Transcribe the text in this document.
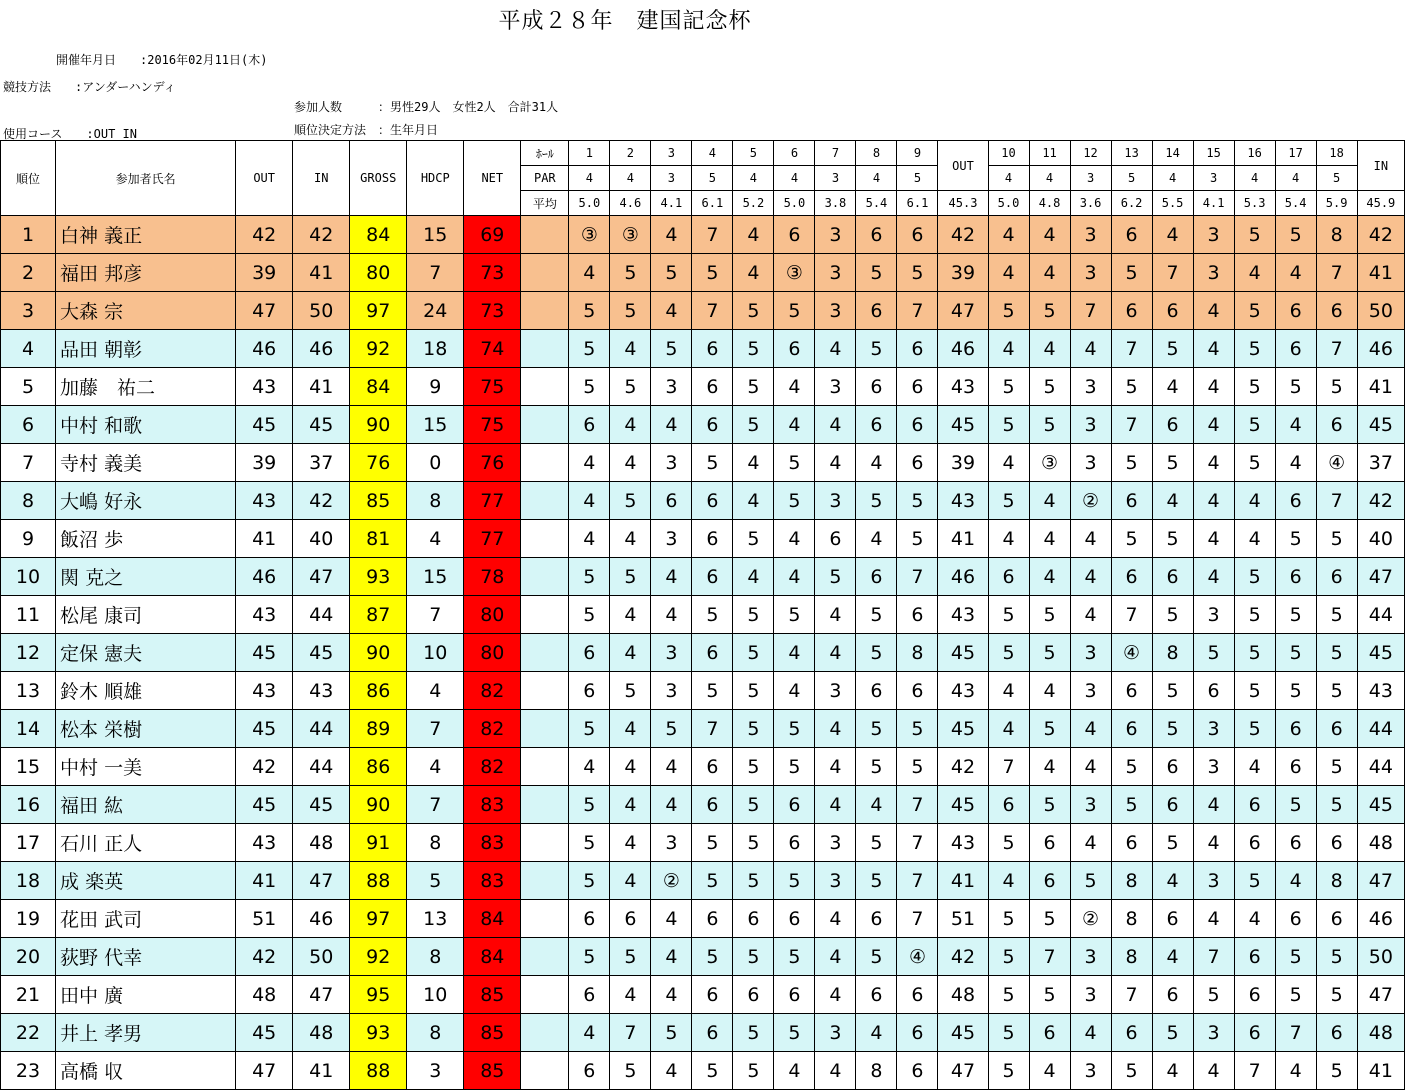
平成２８年　建国記念杯
開催年月日　　:2016年02月11日(木)
競技方法　　:アンダーハンディ
参加人数　　　：男性29人　女性2人　合計31人
使用コース　　:OUT IN	順位決定方法　：生年月日
順位	参加者氏名	OUT	IN	GROSS	HDCP	NET	ﾎｰﾙ	1	2	3	4	5	6	7	8	9	OUT	10	11	12	13	14	15	16	17	18	IN
							PAR	4	4	3	5	4	4	3	4	5		4	4	3	5	4	3	4	4	5	
							平均	5.0	4.6	4.1	6.1	5.2	5.0	3.8	5.4	6.1	45.3	5.0	4.8	3.6	6.2	5.5	4.1	5.3	5.4	5.9	45.9
1	白神 義正	42	42	84	15	69		③	③	4	7	4	6	3	6	6	42	4	4	3	6	4	3	5	5	8	42
2	福田 邦彦	39	41	80	7	73		4	5	5	5	4	③	3	5	5	39	4	4	3	5	7	3	4	4	7	41
3	大森 宗	47	50	97	24	73		5	5	4	7	5	5	3	6	7	47	5	5	7	6	6	4	5	6	6	50
4	品田 朝彰	46	46	92	18	74		5	4	5	6	5	6	4	5	6	46	4	4	4	7	5	4	5	6	7	46
5	加藤　祐二	43	41	84	9	75		5	5	3	6	5	4	3	6	6	43	5	5	3	5	4	4	5	5	5	41
6	中村 和歌	45	45	90	15	75		6	4	4	6	5	4	4	6	6	45	5	5	3	7	6	4	5	4	6	45
7	寺村 義美	39	37	76	0	76		4	4	3	5	4	5	4	4	6	39	4	③	3	5	5	4	5	4	④	37
8	大嶋 好永	43	42	85	8	77		4	5	6	6	4	5	3	5	5	43	5	4	②	6	4	4	4	6	7	42
9	飯沼 歩	41	40	81	4	77		4	4	3	6	5	4	6	4	5	41	4	4	4	5	5	4	4	5	5	40
10	関 克之	46	47	93	15	78		5	5	4	6	4	4	5	6	7	46	6	4	4	6	6	4	5	6	6	47
11	松尾 康司	43	44	87	7	80		5	4	4	5	5	5	4	5	6	43	5	5	4	7	5	3	5	5	5	44
12	定保 憲夫	45	45	90	10	80		6	4	3	6	5	4	4	5	8	45	5	5	3	④	8	5	5	5	5	45
13	鈴木 順雄	43	43	86	4	82		6	5	3	5	5	4	3	6	6	43	4	4	3	6	5	6	5	5	5	43
14	松本 栄樹	45	44	89	7	82		5	4	5	7	5	5	4	5	5	45	4	5	4	6	5	3	5	6	6	44
15	中村 一美	42	44	86	4	82		4	4	4	6	5	5	4	5	5	42	7	4	4	5	6	3	4	6	5	44
16	福田 紘	45	45	90	7	83		5	4	4	6	5	6	4	4	7	45	6	5	3	5	6	4	6	5	5	45
17	石川 正人	43	48	91	8	83		5	4	3	5	5	6	3	5	7	43	5	6	4	6	5	4	6	6	6	48
18	成 楽英	41	47	88	5	83		5	4	②	5	5	5	3	5	7	41	4	6	5	8	4	3	5	4	8	47
19	花田 武司	51	46	97	13	84		6	6	4	6	6	6	4	6	7	51	5	5	②	8	6	4	4	6	6	46
20	荻野 代幸	42	50	92	8	84		5	5	4	5	5	5	4	5	④	42	5	7	3	8	4	7	6	5	5	50
21	田中 廣	48	47	95	10	85		6	4	4	6	6	6	4	6	6	48	5	5	3	7	6	5	6	5	5	47
22	井上 孝男	45	48	93	8	85		4	7	5	6	5	5	3	4	6	45	5	6	4	6	5	3	6	7	6	48
23	高橋 収	47	41	88	3	85		6	5	4	5	5	4	4	8	6	47	5	4	3	5	4	4	7	4	5	41
